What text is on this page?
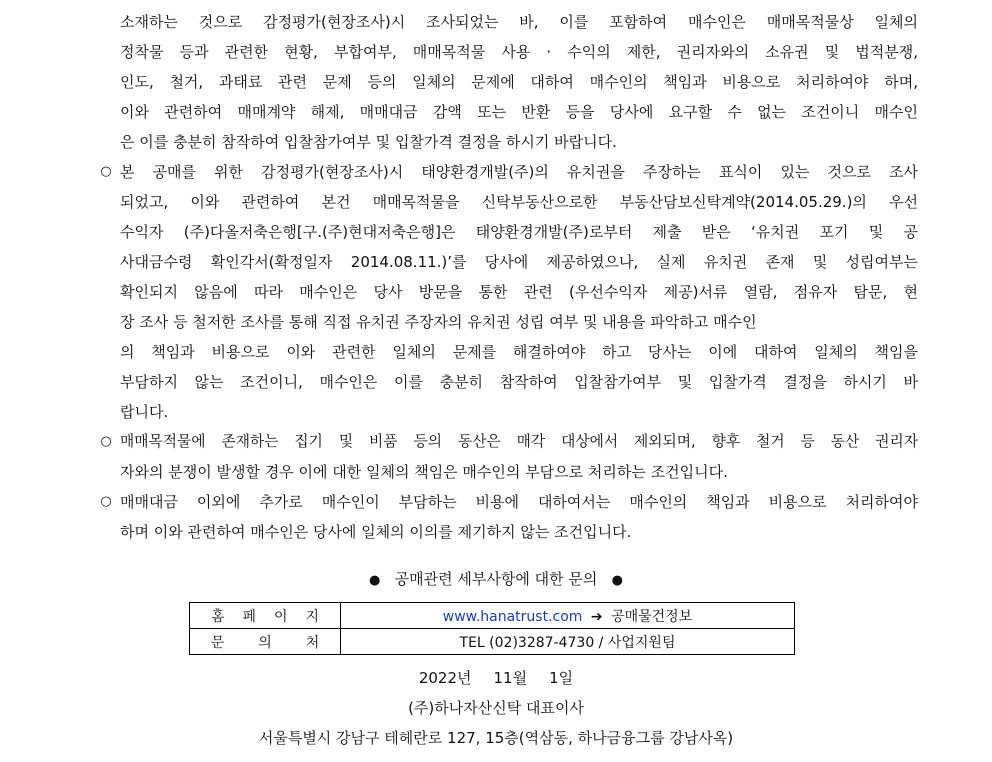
소재하는 것으로 감정평가(현장조사)시 조사되었는 바, 이를 포함하여 매수인은 매매목적물상 일체의
정착물 등과 관련한 현황, 부합여부, 매매목적물 사용 · 수익의 제한, 권리자와의 소유권 및 법적분쟁,
인도, 철거, 과태료 관련 문제 등의 일체의 문제에 대하여 매수인의 책임과 비용으로 처리하여야 하며,
이와 관련하여 매매계약 해제, 매매대금 감액 또는 반환 등을 당사에 요구할 수 없는 조건이니 매수인
은 이를 충분히 참작하여 입찰참가여부 및 입찰가격 결정을 하시기 바랍니다.
○ 본 공매를 위한 감정평가(현장조사)시 태양환경개발(주)의 유치권을 주장하는 표식이 있는 것으로 조사
되었고, 이와 관련하여 본건 매매목적물을 신탁부동산으로한 부동산담보신탁계약(2014.05.29.)의 우선
수익자 (주)다올저축은행[구.(주)현대저축은행]은 태양환경개발(주)로부터 제출 받은 ‘유치권 포기 및 공
사대금수령 확인각서(확정일자 2014.08.11.)’를 당사에 제공하였으나, 실제 유치권 존재 및 성립여부는
확인되지 않음에 따라 매수인은 당사 방문을 통한 관련 (우선수익자 제공)서류 열람, 점유자 탐문, 현
장 조사 등 철저한 조사를 통해 직접 유치권 주장자의 유치권 성립 여부 및 내용을 파악하고 매수인
의 책임과 비용으로 이와 관련한 일체의 문제를 해결하여야 하고 당사는 이에 대하여 일체의 책임을
부담하지 않는 조건이니, 매수인은 이를 충분히 참작하여 입찰참가여부 및 입찰가격 결정을 하시기 바
랍니다.
○ 매매목적물에 존재하는 집기 및 비품 등의 동산은 매각 대상에서 제외되며, 향후 철거 등 동산 권리자
자와의 분쟁이 발생할 경우 이에 대한 일체의 책임은 매수인의 부담으로 처리하는 조건입니다.
○ 매매대금 이외에 추가로 매수인이 부담하는 비용에 대하여서는 매수인의 책임과 비용으로 처리하여야
하며 이와 관련하여 매수인은 당사에 일체의 이의를 제기하지 않는 조건입니다.
● 공매관련 세부사항에 대한 문의 ●
홈페이지	www.hanatrust.com ➔ 공매물건정보
문의처	TEL (02)3287-4730 / 사업지원팀
2022년 11월 1일
(주)하나자산신탁 대표이사
서울특별시 강남구 테헤란로 127, 15층(역삼동, 하나금융그룹 강남사옥)
